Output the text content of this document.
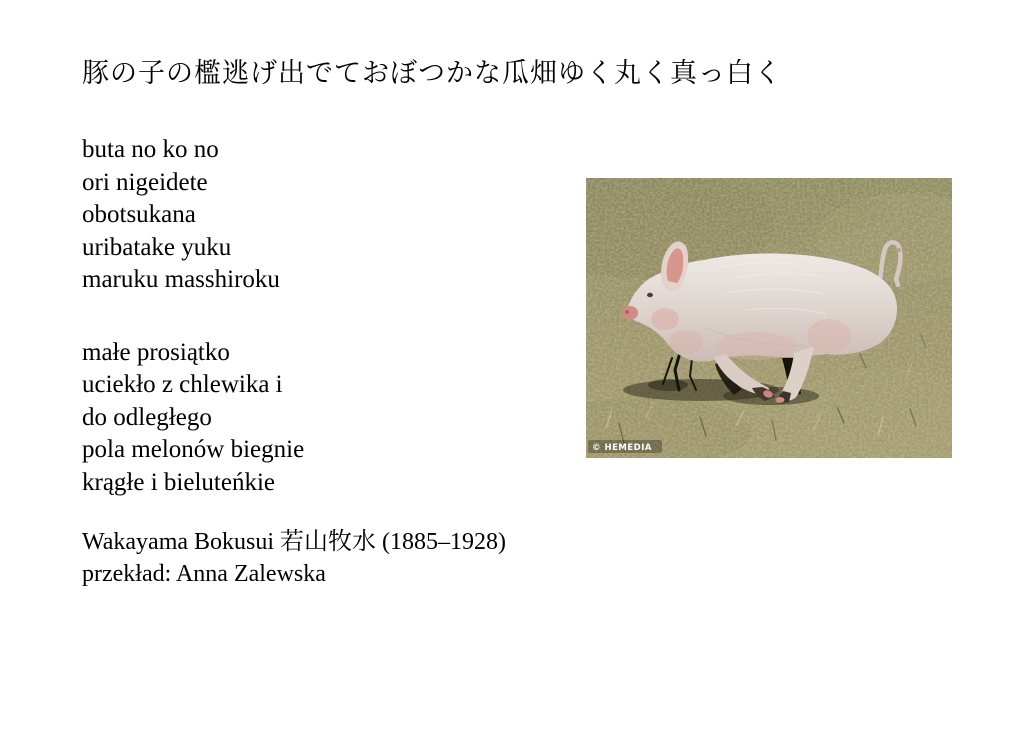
豚の子の檻逃げ出でておぼつかな瓜畑ゆく丸く真っ白く
buta no ko no
ori nigeidete
obotsukana
uribatake yuku
maruku masshiroku
małe prosiątko
uciekło z chlewika i
do odległego
pola melonów biegnie
krągłe i bieluteńkie
Wakayama Bokusui 若山牧水 (1885–1928)
przekład: Anna Zalewska
© HEMEDIA
